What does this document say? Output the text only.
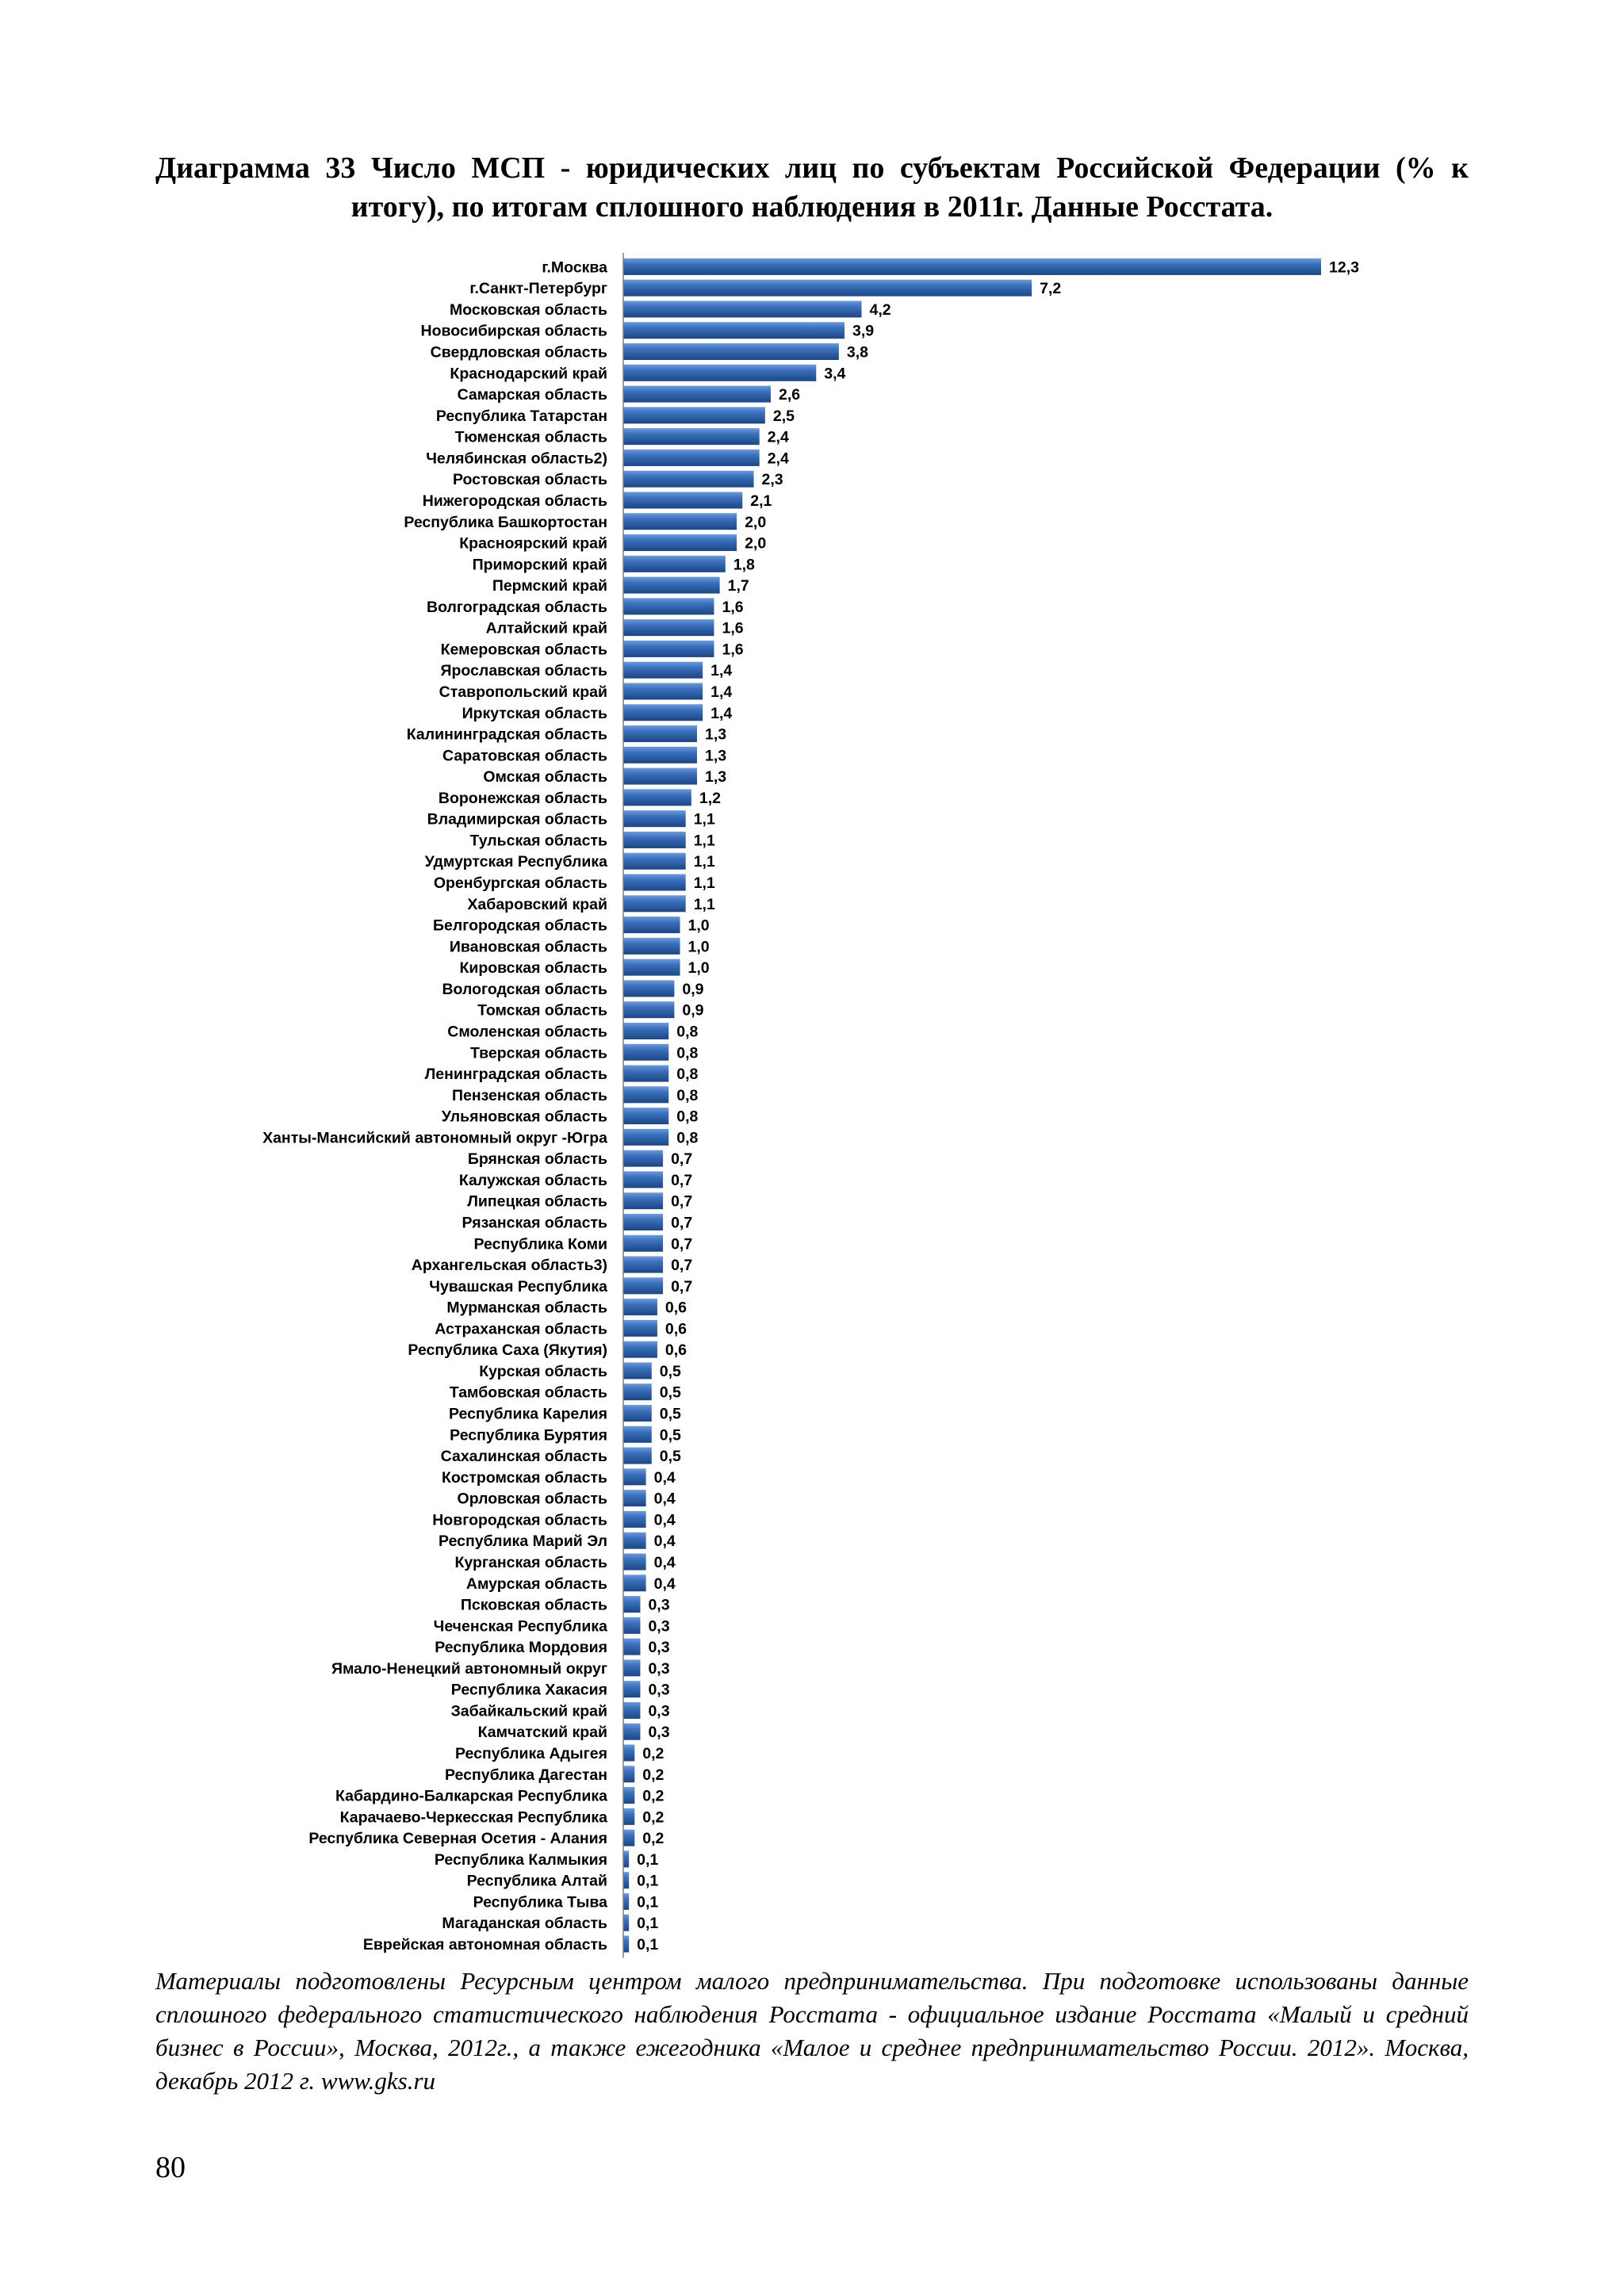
Диаграмма 33 Число МСП - юридических лиц по субъектам Российской Федерации (% к итогу), по итогам сплошного наблюдения в 2011г. Данные Росстата.

г.Москва
г.Санкт-Петербург
Московская область
Новосибирская область
Свердловская область
Краснодарский край
Самарская область
Республика Татарстан
Тюменская область
Челябинская область2)
Ростовская область
Нижегородская область
Республика Башкортостан
Красноярский край
Приморский край
Пермский край
Волгоградская область
Алтайский край
Кемеровская область
Ярославская область
Ставропольский край
Иркутская область
Калининградская область
Саратовская область
Омская область
Воронежская область
Владимирская область
Тульская область
Удмуртская Республика
Оренбургская область
Хабаровский край
Белгородская область
Ивановская область
Кировская область
Вологодская область
Томская область
Смоленская область
Тверская область
Ленинградская область
Пензенская область
Ульяновская область
Ханты-Мансийский автономный округ -Югра
Брянская область
Калужская область
Липецкая область
Рязанская область
Республика Коми
Архангельская область3)
Чувашская Республика
Мурманская область
Астраханская область
Республика Саха (Якутия)
Курская область
Тамбовская область
Республика Карелия
Республика Бурятия
Сахалинская область
Костромская область
Орловская область
Новгородская область
Республика Марий Эл
Курганская область
Амурская область
Псковская область
Чеченская Республика
Республика Мордовия
Ямало-Ненецкий автономный округ
Республика Хакасия
Забайкальский край
Камчатский край
Республика Адыгея
Республика Дагестан
Кабардино-Балкарская Республика
Карачаево-Черкесская Республика
Республика Северная Осетия - Алания
Республика Калмыкия
Республика Алтай
Республика Тыва
Магаданская область
Еврейская автономная область
12,3
7,2
4,2
3,9
3,8
3,4
2,6
2,5
2,4
2,4
2,3
2,1
2,0
2,0
1,8
1,7
1,6
1,6
1,6
1,4
1,4
1,4
1,3
1,3
1,3
1,2
1,1
1,1
1,1
1,1
1,1
1,0
1,0
1,0
0,9
0,9
0,8
0,8
0,8
0,8
0,8
0,8
0,7
0,7
0,7
0,7
0,7
0,7
0,7
0,6
0,6
0,6
0,5
0,5
0,5
0,5
0,5
0,4
0,4
0,4
0,4
0,4
0,4
0,3
0,3
0,3
0,3
0,3
0,3
0,3
0,2
0,2
0,2
0,2
0,2
0,1
0,1
0,1
0,1
0,1

Материалы подготовлены Ресурсным центром малого предпринимательства. При подготовке использованы данные сплошного федерального статистического наблюдения Росстата - официальное издание Росстата «Малый и средний бизнес в России», Москва, 2012г., а также ежегодника «Малое и среднее предпринимательство России. 2012». Москва, декабрь 2012 г. www.gks.ru

80
